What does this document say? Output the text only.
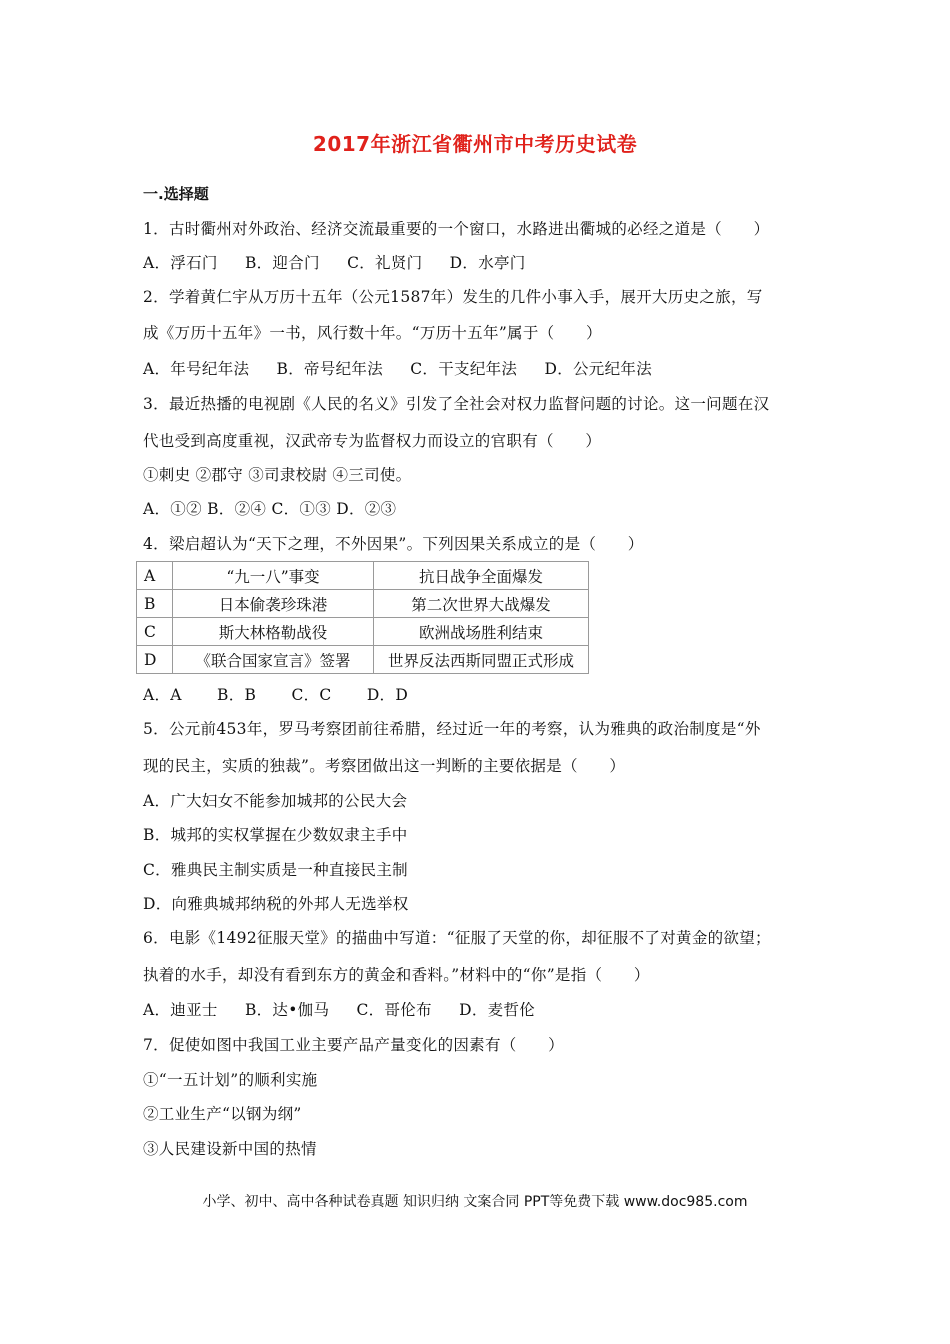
2017年浙江省衢州市中考历史试卷
一.选择题
1．古时衢州对外政治、经济交流最重要的一个窗口，水路进出衢城的必经之道是（　　）
A．浮石门 B．迎合门 C．礼贤门 D．水亭门
2．学着黄仁宇从万历十五年（公元1587年）发生的几件小事入手，展开大历史之旅，写
成《万历十五年》一书，风行数十年。“万历十五年”属于（　　）
A．年号纪年法 B．帝号纪年法 C．干支纪年法 D．公元纪年法
3．最近热播的电视剧《人民的名义》引发了全社会对权力监督问题的讨论。这一问题在汉
代也受到高度重视，汉武帝专为监督权力而设立的官职有（　　）
①刺史 ②郡守 ③司隶校尉 ④三司使。
A．①② B．②④ C．①③ D．②③
4．梁启超认为“天下之理，不外因果”。下列因果关系成立的是（　　）
A	“九一八”事变	抗日战争全面爆发
B	日本偷袭珍珠港	第二次世界大战爆发
C	斯大林格勒战役	欧洲战场胜利结束
D	《联合国家宣言》签署	世界反法西斯同盟正式形成
A．A B．B C．C D．D
5．公元前453年，罗马考察团前往希腊，经过近一年的考察，认为雅典的政治制度是“外
现的民主，实质的独裁”。考察团做出这一判断的主要依据是（　　）
A．广大妇女不能参加城邦的公民大会
B．城邦的实权掌握在少数奴隶主手中
C．雅典民主制实质是一种直接民主制
D．向雅典城邦纳税的外邦人无选举权
6．电影《1492征服天堂》的描曲中写道：“征服了天堂的你，却征服不了对黄金的欲望；
执着的水手，却没有看到东方的黄金和香料。”材料中的“你”是指（　　）
A．迪亚士 B．达•伽马 C．哥伦布 D．麦哲伦
7．促使如图中我国工业主要产品产量变化的因素有（　　）
①“一五计划”的顺利实施
②工业生产“以钢为纲”
③人民建设新中国的热情
小学、初中、高中各种试卷真题 知识归纳 文案合同 PPT等免费下载 www.doc985.com
